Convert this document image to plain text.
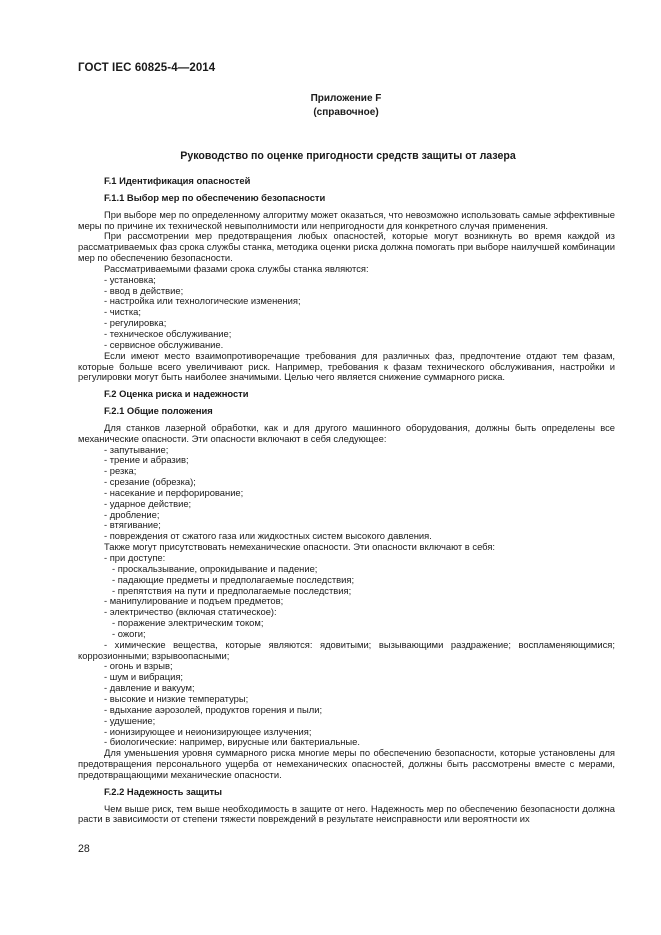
ГОСТ IEC 60825-4—2014
Приложение F
(справочное)
Руководство по оценке пригодности средств защиты от лазера

F.1 Идентификация опасностей

F.1.1 Выбор мер по обеспечению безопасности

При выборе мер по определенному алгоритму может оказаться, что невозможно использовать самые эффективные меры по причине их технической невыполнимости или непригодности для конкретного случая применения.

При рассмотрении мер предотвращения любых опасностей, которые могут возникнуть во время каждой из рассматриваемых фаз срока службы станка, методика оценки риска должна помогать при выборе наилучшей комбинации мер по обеспечению безопасности.

Рассматриваемыми фазами срока службы станка являются:

- установка;

- ввод в действие;

- настройка или технологические изменения;

- чистка;

- регулировка;

- техническое обслуживание;

- сервисное обслуживание.

Если имеют место взаимопротиворечащие требования для различных фаз, предпочтение отдают тем фазам, которые больше всего увеличивают риск. Например, требования к фазам технического обслуживания, настройки и регулировки могут быть наиболее значимыми. Целью чего является снижение суммарного риска.

F.2 Оценка риска и надежности

F.2.1 Общие положения

Для станков лазерной обработки, как и для другого машинного оборудования, должны быть определены все механические опасности. Эти опасности включают в себя следующее:

- запутывание;

- трение и абразив;

- резка;

- срезание (обрезка);

- насекание и перфорирование;

- ударное действие;

- дробление;

- втягивание;

- повреждения от сжатого газа или жидкостных систем высокого давления.

Также могут присутствовать немеханические опасности. Эти опасности включают в себя:

- при доступе:

- проскальзывание, опрокидывание и падение;

- падающие предметы и предполагаемые последствия;

- препятствия на пути и предполагаемые последствия;

- манипулирование и подъем предметов;

- электричество (включая статическое):

- поражение электрическим током;

- ожоги;

- химические вещества, которые являются: ядовитыми; вызывающими раздражение; воспламеняющимися; коррозионными; взрывоопасными;

- огонь и взрыв;

- шум и вибрация;

- давление и вакуум;

- высокие и низкие температуры;

- вдыхание аэрозолей, продуктов горения и пыли;

- удушение;

- ионизирующее и неионизирующее излучения;

- биологические: например, вирусные или бактериальные.

Для уменьшения уровня суммарного риска многие меры по обеспечению безопасности, которые установлены для предотвращения персонального ущерба от немеханических опасностей, должны быть рассмотрены вместе с мерами, предотвращающими механические опасности.

F.2.2 Надежность защиты

Чем выше риск, тем выше необходимость в защите от него. Надежность мер по обеспечению безопасности должна расти в зависимости от степени тяжести повреждений в результате неисправности или вероятности их

28
